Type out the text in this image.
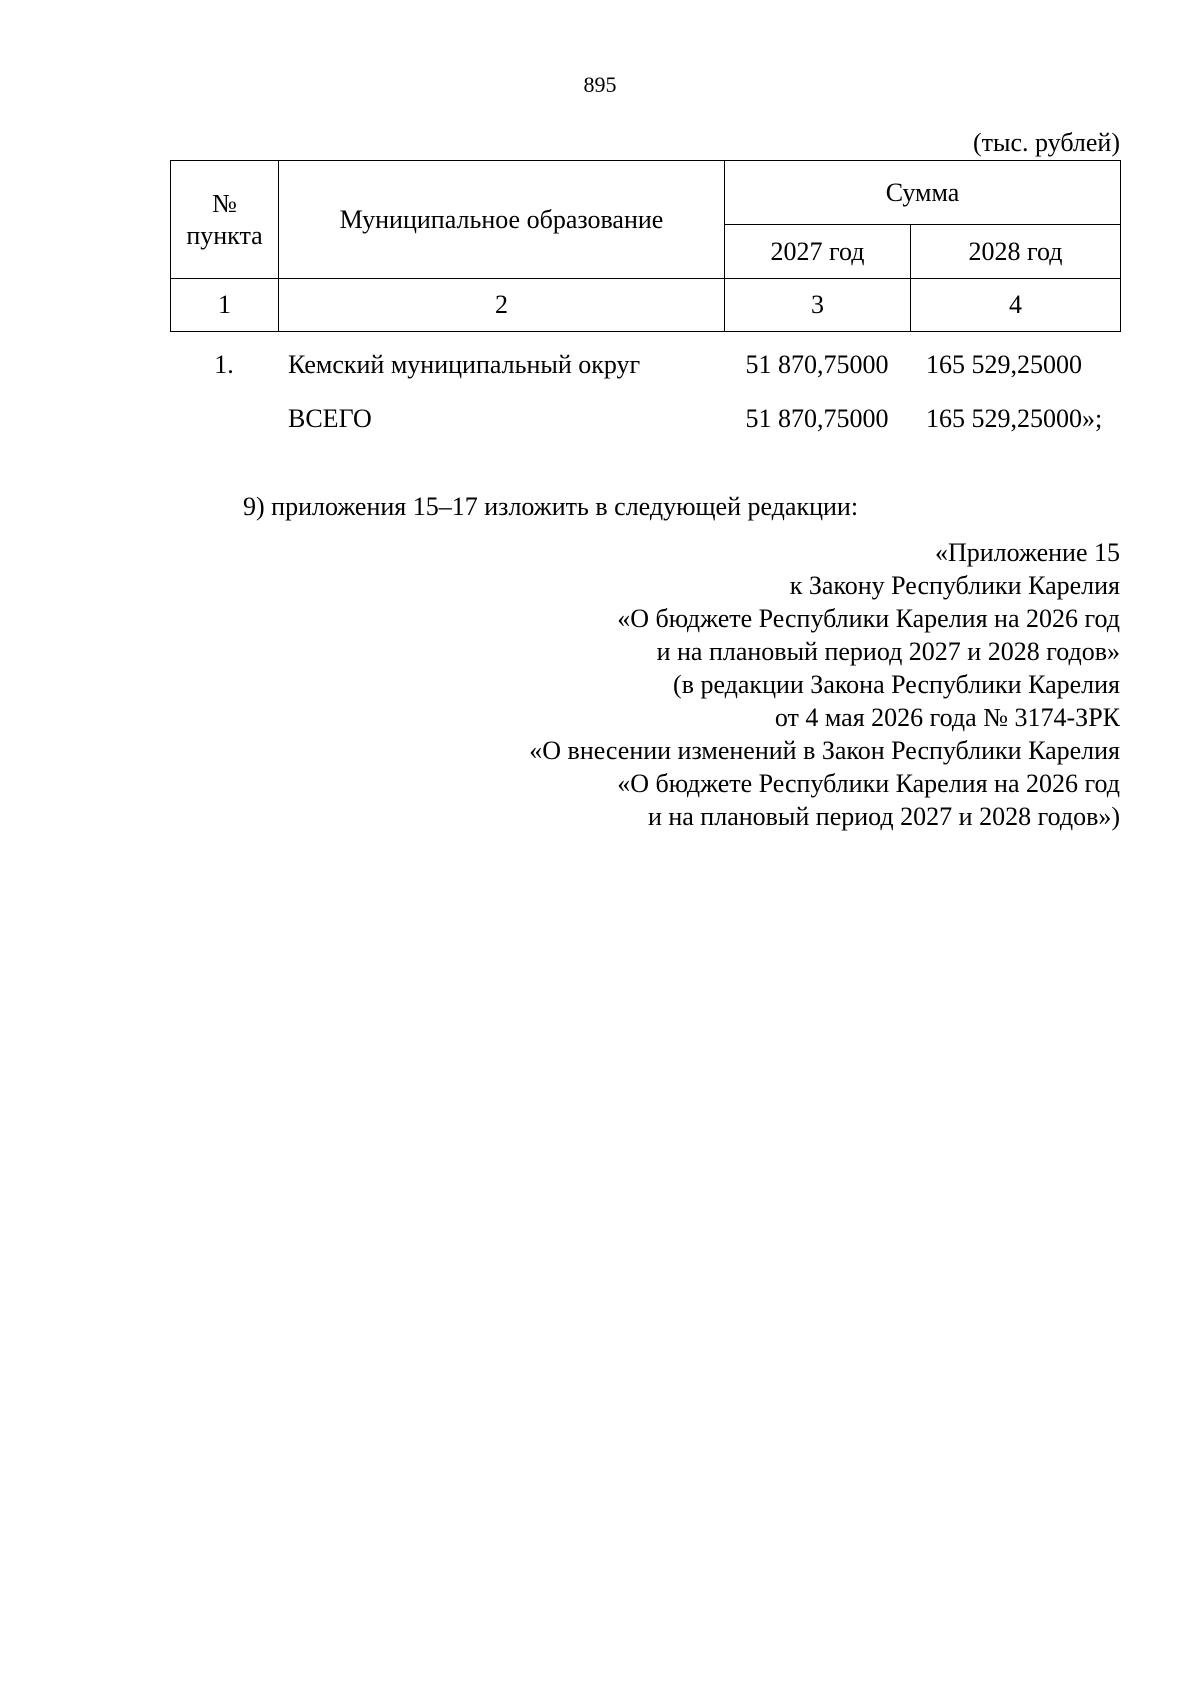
895
(тыс. рублей)
№
пункта	Муниципальное образование	Сумма	
		2027 год	2028 год
1	2	3	4
1.	Кемский муниципальный округ	51 870,75000	165 529,25000
	ВСЕГО	51 870,75000	165 529,25000»;
9) приложения 15–17 изложить в следующей редакции:
«Приложение 15
к Закону Республики Карелия
«О бюджете Республики Карелия на 2026 год
и на плановый период 2027 и 2028 годов»
(в редакции Закона Республики Карелия
от 4 мая 2026 года № 3174-ЗРК
«О внесении изменений в Закон Республики Карелия
«О бюджете Республики Карелия на 2026 год
и на плановый период 2027 и 2028 годов»)
